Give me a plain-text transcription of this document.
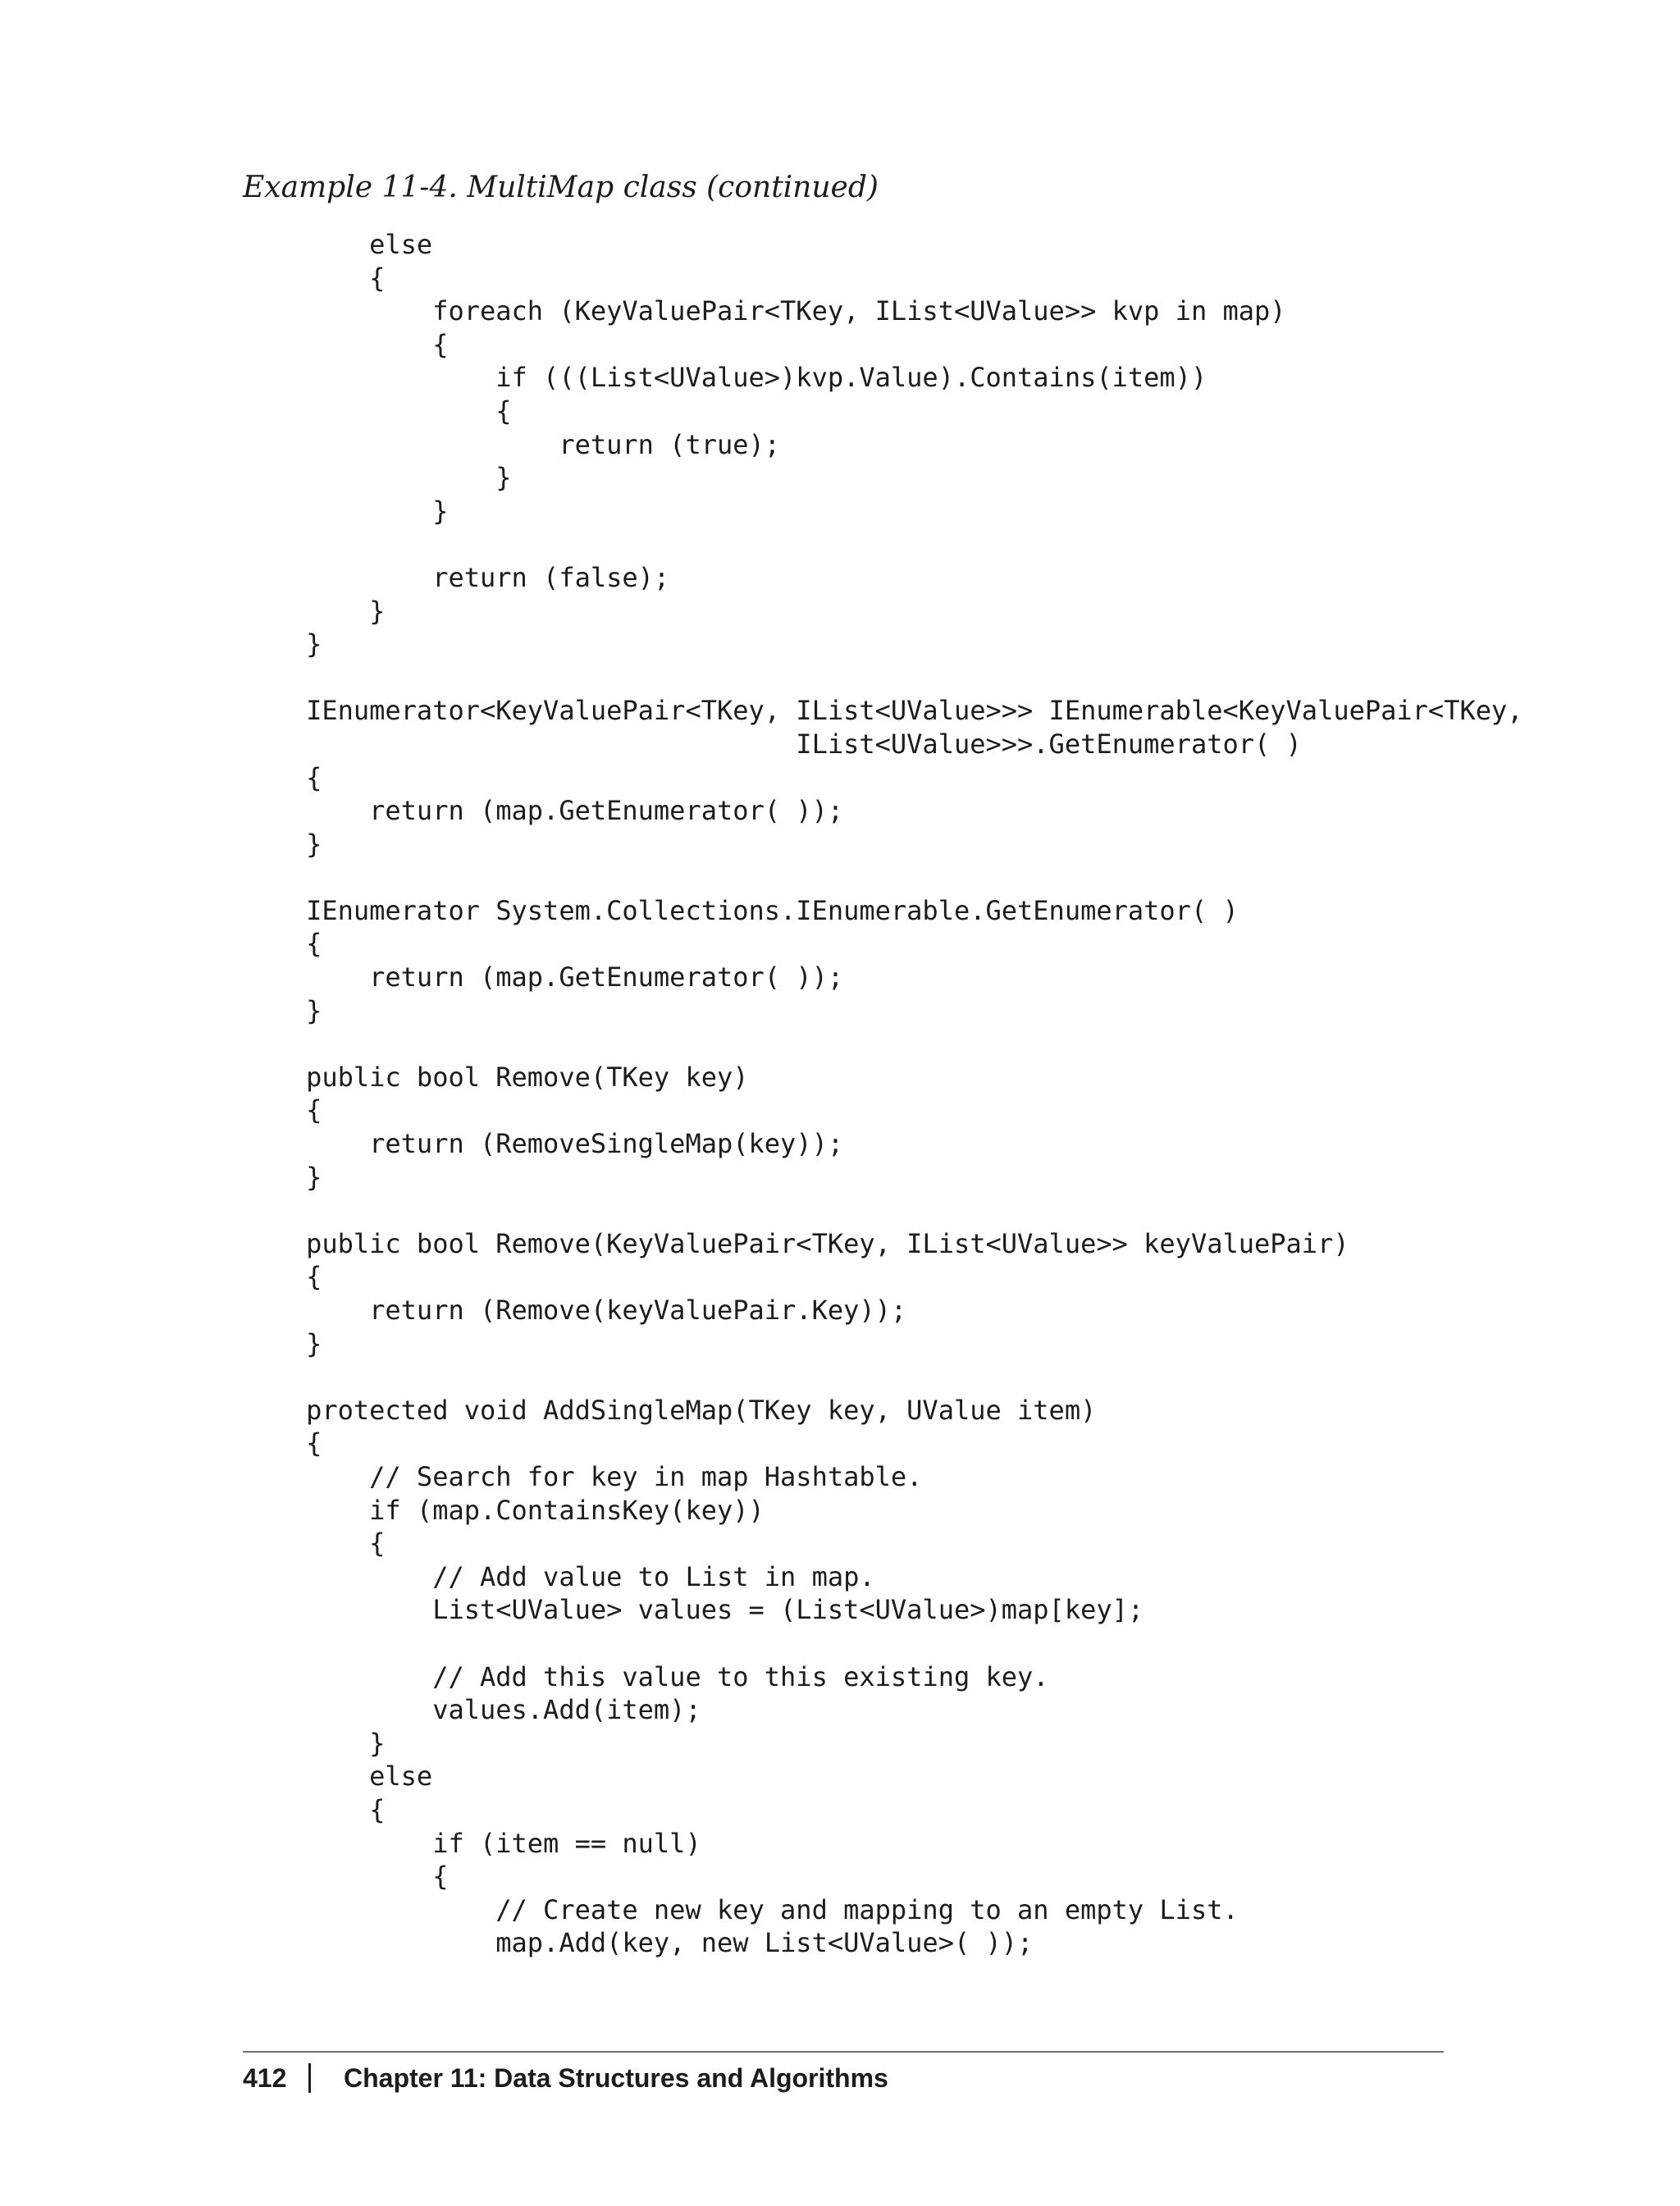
Example 11-4. MultiMap class (continued)
else
{
foreach (KeyValuePair<TKey, IList<UValue>> kvp in map)
{
if (((List<UValue>)kvp.Value).Contains(item))
{
return (true);
}
}

return (false);
}
}

IEnumerator<KeyValuePair<TKey, IList<UValue>>> IEnumerable<KeyValuePair<TKey,
IList<UValue>>>.GetEnumerator( )
{
return (map.GetEnumerator( ));
}

IEnumerator System.Collections.IEnumerable.GetEnumerator( )
{
return (map.GetEnumerator( ));
}

public bool Remove(TKey key)
{
return (RemoveSingleMap(key));
}

public bool Remove(KeyValuePair<TKey, IList<UValue>> keyValuePair)
{
return (Remove(keyValuePair.Key));
}

protected void AddSingleMap(TKey key, UValue item)
{
// Search for key in map Hashtable.
if (map.ContainsKey(key))
{
// Add value to List in map.
List<UValue> values = (List<UValue>)map[key];

// Add this value to this existing key.
values.Add(item);
}
else
{
if (item == null)
{
// Create new key and mapping to an empty List.
map.Add(key, new List<UValue>( ));
412	Chapter 11: Data Structures and Algorithms
